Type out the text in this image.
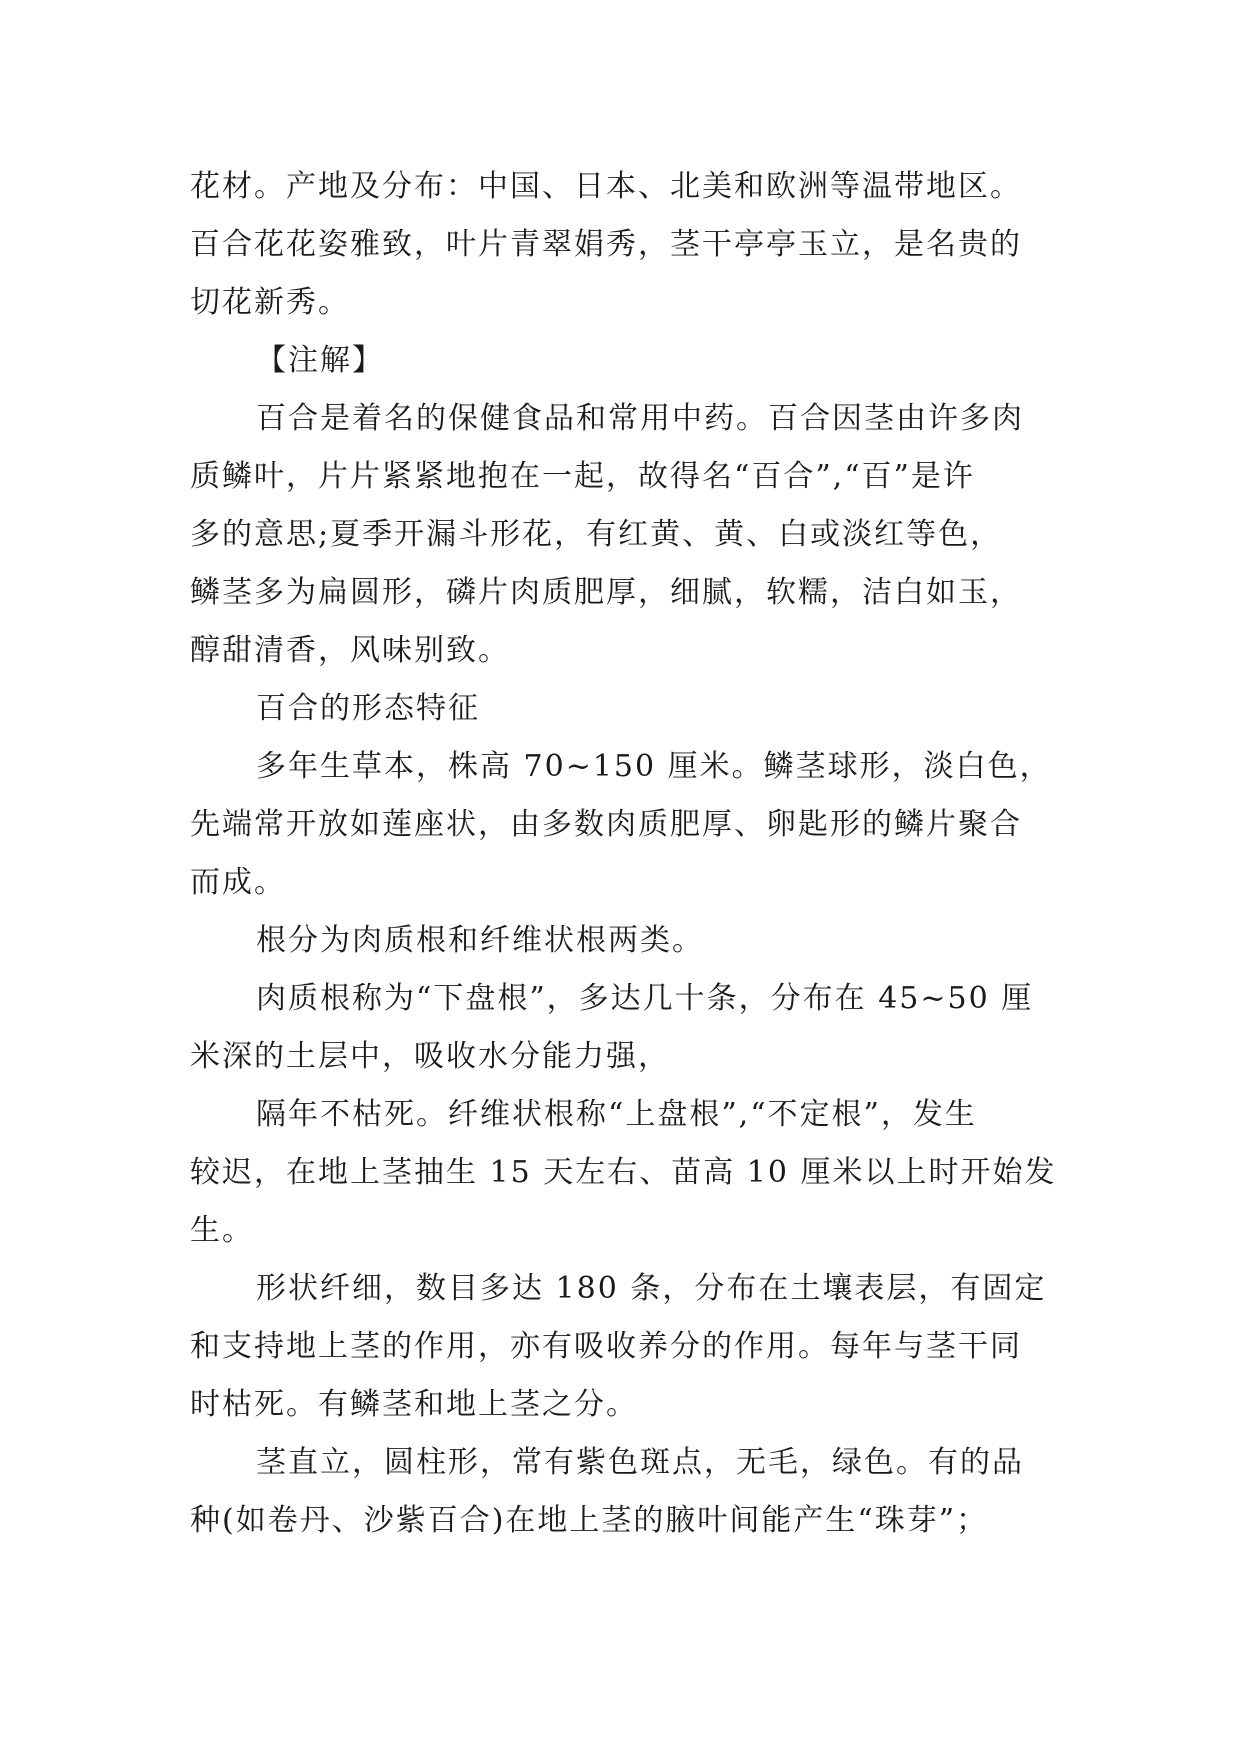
花材。产地及分布：中国、日本、北美和欧洲等温带地区。
百合花花姿雅致，叶片青翠娟秀，茎干亭亭玉立，是名贵的
切花新秀。
【注解】
百合是着名的保健食品和常用中药。百合因茎由许多肉
质鳞叶，片片紧紧地抱在一起，故得名“百合”,“百”是许
多的意思;夏季开漏斗形花，有红黄、黄、白或淡红等色，
鳞茎多为扁圆形，磷片肉质肥厚，细腻，软糯，洁白如玉，
醇甜清香，风味别致。
百合的形态特征
多年生草本，株高 70~150 厘米。鳞茎球形，淡白色，
先端常开放如莲座状，由多数肉质肥厚、卵匙形的鳞片聚合
而成。
根分为肉质根和纤维状根两类。
肉质根称为“下盘根”，多达几十条，分布在 45~50 厘
米深的土层中，吸收水分能力强，
隔年不枯死。纤维状根称“上盘根”,“不定根”，发生
较迟，在地上茎抽生 15 天左右、苗高 10 厘米以上时开始发
生。
形状纤细，数目多达 180 条，分布在土壤表层，有固定
和支持地上茎的作用，亦有吸收养分的作用。每年与茎干同
时枯死。有鳞茎和地上茎之分。
茎直立，圆柱形，常有紫色斑点，无毛，绿色。有的品
种(如卷丹、沙紫百合)在地上茎的腋叶间能产生“珠芽”；
